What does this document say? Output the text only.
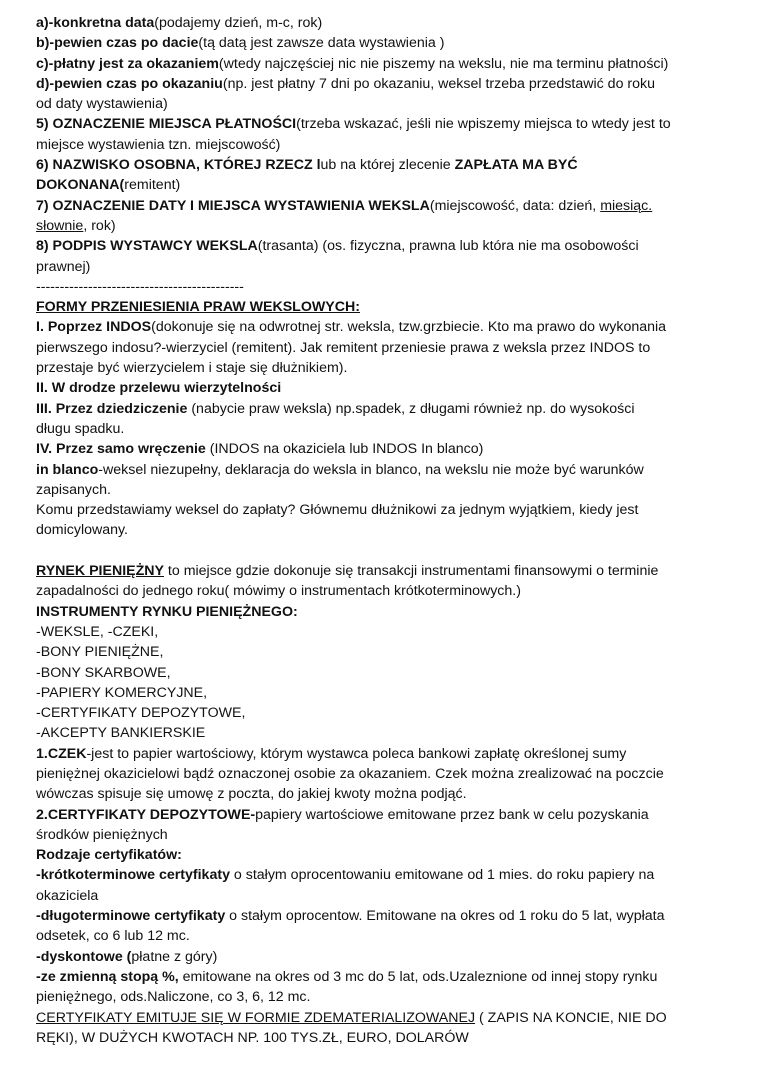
a)-konkretna data(podajemy dzień, m-c, rok)
b)-pewien czas po dacie(tą datą jest zawsze data wystawienia )
c)-płatny jest za okazaniem(wtedy najczęściej nic nie piszemy na wekslu, nie ma terminu płatności)
d)-pewien czas po okazaniu(np. jest płatny 7 dni po okazaniu, weksel trzeba przedstawić do roku
od daty wystawienia)
5) OZNACZENIE MIEJSCA PŁATNOŚCI(trzeba wskazać, jeśli nie wpiszemy miejsca to wtedy jest to
miejsce wystawienia tzn. miejscowość)
6) NAZWISKO OSOBNA, KTÓREJ RZECZ lub na której zlecenie ZAPŁATA MA BYĆ
DOKONANA(remitent)
7) OZNACZENIE DATY I MIEJSCA WYSTAWIENIA WEKSLA(miejscowość, data: dzień, miesiąc.
słownie, rok)
8) PODPIS WYSTAWCY WEKSLA(trasanta) (os. fizyczna, prawna lub która nie ma osobowości
prawnej)
--------------------------------------------
FORMY PRZENIESIENIA PRAW WEKSLOWYCH:
I. Poprzez INDOS(dokonuje się na odwrotnej str. weksla, tzw.grzbiecie. Kto ma prawo do wykonania
pierwszego indosu?-wierzyciel (remitent). Jak remitent przeniesie prawa z weksla przez INDOS to
przestaje być wierzycielem i staje się dłużnikiem).
II. W drodze przelewu wierzytelności
III. Przez dziedziczenie (nabycie praw weksla) np.spadek, z długami również np. do wysokości
długu spadku.
IV. Przez samo wręczenie (INDOS na okaziciela lub INDOS In blanco)
in blanco-weksel niezupełny, deklaracja do weksla in blanco, na wekslu nie może być warunków
zapisanych.
Komu przedstawiamy weksel do zapłaty? Głównemu dłużnikowi za jednym wyjątkiem, kiedy jest
domicylowany.
RYNEK PIENIĘŻNY to miejsce gdzie dokonuje się transakcji instrumentami finansowymi o terminie
zapadalności do jednego roku( mówimy o instrumentach krótkoterminowych.)
INSTRUMENTY RYNKU PIENIĘŻNEGO:
-WEKSLE, -CZEKI,
-BONY PIENIĘŻNE,
-BONY SKARBOWE,
-PAPIERY KOMERCYJNE,
-CERTYFIKATY DEPOZYTOWE,
-AKCEPTY BANKIERSKIE
1.CZEK-jest to papier wartościowy, którym wystawca poleca bankowi zapłatę określonej sumy
pieniężnej okazicielowi bądź oznaczonej osobie za okazaniem. Czek można zrealizować na poczcie
wówczas spisuje się umowę z poczta, do jakiej kwoty można podjąć.
2.CERTYFIKATY DEPOZYTOWE-papiery wartościowe emitowane przez bank w celu pozyskania
środków pieniężnych
Rodzaje certyfikatów:
-krótkoterminowe certyfikaty o stałym oprocentowaniu emitowane od 1 mies. do roku papiery na
okaziciela
-długoterminowe certyfikaty o stałym oprocentow. Emitowane na okres od 1 roku do 5 lat, wypłata
odsetek, co 6 lub 12 mc.
-dyskontowe (płatne z góry)
-ze zmienną stopą %, emitowane na okres od 3 mc do 5 lat, ods.Uzaleznione od innej stopy rynku
pieniężnego, ods.Naliczone, co 3, 6, 12 mc.
CERTYFIKATY EMITUJE SIĘ W FORMIE ZDEMATERIALIZOWANEJ ( ZAPIS NA KONCIE, NIE DO
RĘKI), W DUŻYCH KWOTACH NP. 100 TYS.ZŁ, EURO, DOLARÓW
